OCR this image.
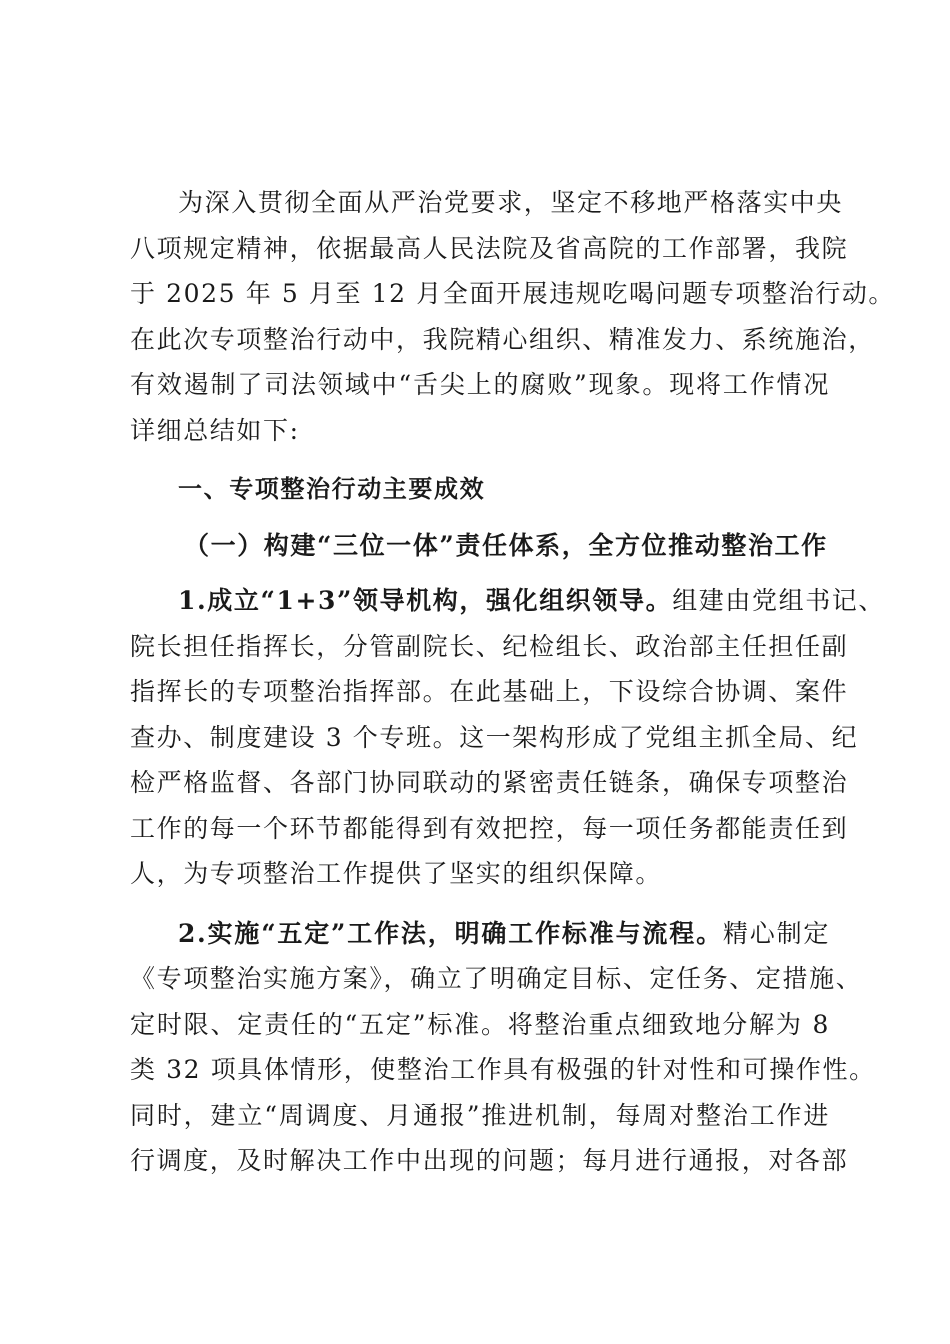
为深入贯彻全面从严治党要求，坚定不移地严格落实中央
八项规定精神，依据最高人民法院及省高院的工作部署，我院
于 2025 年 5 月至 12 月全面开展违规吃喝问题专项整治行动。
在此次专项整治行动中，我院精心组织、精准发力、系统施治，
有效遏制了司法领域中“舌尖上的腐败”现象。现将工作情况
详细总结如下:
一、专项整治行动主要成效
（一）构建“三位一体”责任体系，全方位推动整治工作
1.成立“1+3”领导机构，强化组织领导。组建由党组书记、
院长担任指挥长，分管副院长、纪检组长、政治部主任担任副
指挥长的专项整治指挥部。在此基础上，下设综合协调、案件
查办、制度建设 3 个专班。这一架构形成了党组主抓全局、纪
检严格监督、各部门协同联动的紧密责任链条，确保专项整治
工作的每一个环节都能得到有效把控，每一项任务都能责任到
人，为专项整治工作提供了坚实的组织保障。
2.实施“五定”工作法，明确工作标准与流程。精心制定
《专项整治实施方案》，确立了明确定目标、定任务、定措施、
定时限、定责任的“五定”标准。将整治重点细致地分解为 8
类 32 项具体情形，使整治工作具有极强的针对性和可操作性。
同时，建立“周调度、月通报”推进机制，每周对整治工作进
行调度，及时解决工作中出现的问题；每月进行通报，对各部
